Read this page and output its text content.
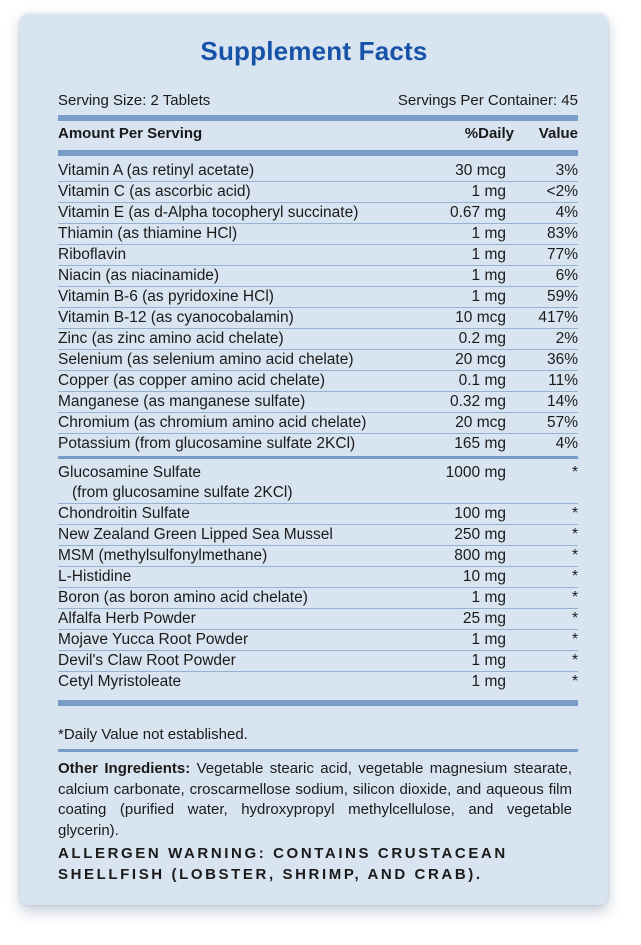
Supplement Facts
Serving Size: 2 Tablets	Servings Per Container: 45
Amount Per Serving	%Daily Value
Vitamin A (as retinyl acetate)	30 mcg	3%
Vitamin C (as ascorbic acid)	1 mg	<2%
Vitamin E (as d-Alpha tocopheryl succinate)	0.67 mg	4%
Thiamin (as thiamine HCl)	1 mg	83%
Riboflavin	1 mg	77%
Niacin (as niacinamide)	1 mg	6%
Vitamin B-6 (as pyridoxine HCl)	1 mg	59%
Vitamin B-12 (as cyanocobalamin)	10 mcg 417%
Zinc (as zinc amino acid chelate)	0.2 mg	2%
Selenium (as selenium amino acid chelate)	20 mcg	36%
Copper (as copper amino acid chelate)	0.1 mg	11%
Manganese (as manganese sulfate)	0.32 mg	14%
Chromium (as chromium amino acid chelate)	20 mcg	57%
Potassium (from glucosamine sulfate 2KCl)	165 mg	4%
Glucosamine Sulfate	1000 mg	*
(from glucosamine sulfate 2KCl)
Chondroitin Sulfate	100 mg	*
New Zealand Green Lipped Sea Mussel	250 mg	*
MSM (methylsulfonylmethane)	800 mg	*
L-Histidine	10 mg	*
Boron (as boron amino acid chelate)	1 mg	*
Alfalfa Herb Powder	25 mg	*
Mojave Yucca Root Powder	1 mg	*
Devil's Claw Root Powder	1 mg	*
Cetyl Myristoleate	1 mg	*
*Daily Value not established.
Other Ingredients: Vegetable stearic acid, vegetable magnesium stearate, calcium carbonate, croscarmellose sodium, silicon dioxide, and aqueous film coating (purified water, hydroxypropyl methylcellulose, and vegetable glycerin).
ALLERGEN WARNING: CONTAINS CRUSTACEAN SHELLFISH (LOBSTER, SHRIMP, AND CRAB).
